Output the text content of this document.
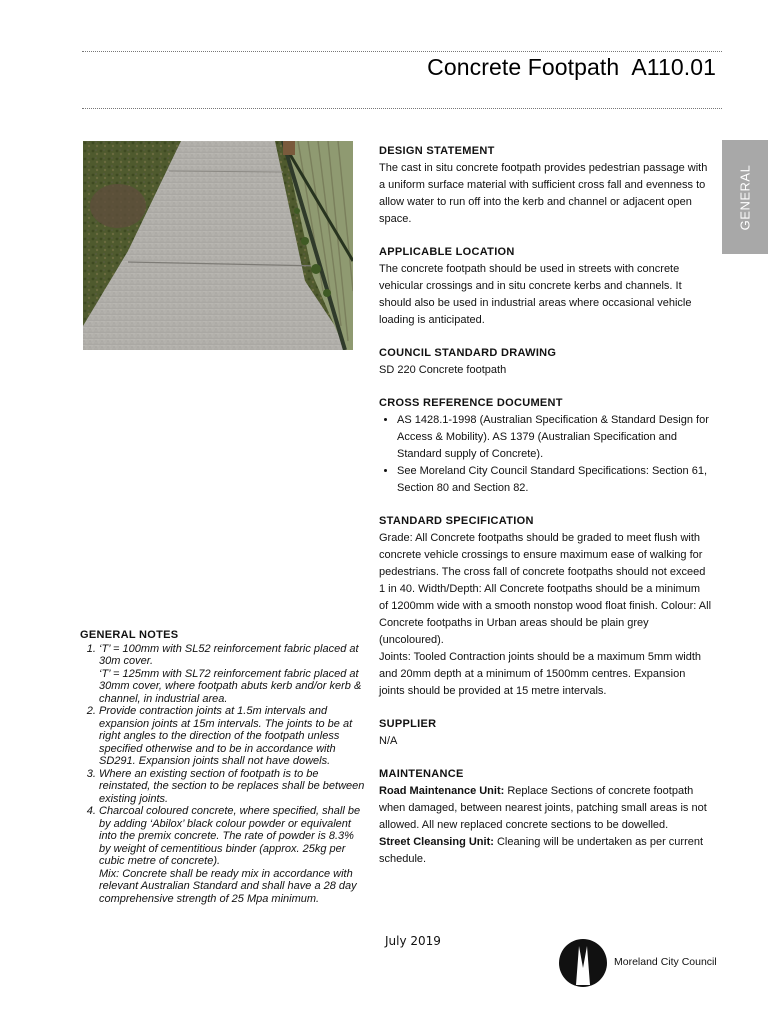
Concrete Footpath A110.01
GENERAL
DESIGN STATEMENT

The cast in situ concrete footpath provides pedestrian passage with a uniform surface material with sufficient cross fall and evenness to allow water to run off into the kerb and channel or adjacent open space.

APPLICABLE LOCATION

The concrete footpath should be used in streets with concrete vehicular crossings and in situ concrete kerbs and channels. It should also be used in industrial areas where occasional vehicle loading is anticipated.

COUNCIL STANDARD DRAWING

SD 220 Concrete footpath

CROSS REFERENCE DOCUMENT
• AS 1428.1-1998 (Australian Specification & Standard Design for Access & Mobility). AS 1379 (Australian Specification and Standard supply of Concrete).
• See Moreland City Council Standard Specifications: Section 61, Section 80 and Section 82.
STANDARD SPECIFICATION

Grade: All Concrete footpaths should be graded to meet flush with concrete vehicle crossings to ensure maximum ease of walking for pedestrians. The cross fall of concrete footpaths should not exceed 1 in 40. Width/Depth: All Concrete footpaths should be a minimum of 1200mm wide with a smooth nonstop wood float finish. Colour: All Concrete footpaths in Urban areas should be plain grey (uncoloured).

Joints: Tooled Contraction joints should be a maximum 5mm width and 20mm depth at a minimum of 1500mm centres. Expansion joints should be provided at 15 metre intervals.

SUPPLIER

N/A

MAINTENANCE

Road Maintenance Unit: Replace Sections of concrete footpath when damaged, between nearest joints, patching small areas is not allowed. All new replaced concrete sections to be dowelled.

Street Cleansing Unit: Cleaning will be undertaken as per current schedule.

GENERAL NOTES
1. ‘T’ = 100mm with SL52 reinforcement fabric placed at 30m cover.
‘T’ = 125mm with SL72 reinforcement fabric placed at 30mm cover, where footpath abuts kerb and/or kerb & channel, in industrial area.
2. Provide contraction joints at 1.5m intervals and expansion joints at 15m intervals. The joints to be at right angles to the direction of the footpath unless specified otherwise and to be in accordance with SD291. Expansion joints shall not have dowels.
3. Where an existing section of footpath is to be reinstated, the section to be replaces shall be between existing joints.
4. Charcoal coloured concrete, where specified, shall be by adding ‘Abilox’ black colour powder or equivalent into the premix concrete. The rate of powder is 8.3% by weight of cementitious binder (approx. 25kg per cubic metre of concrete).
Mix: Concrete shall be ready mix in accordance with relevant Australian Standard and shall have a 28 day comprehensive strength of 25 Mpa minimum.
July 2019
Moreland City Council
